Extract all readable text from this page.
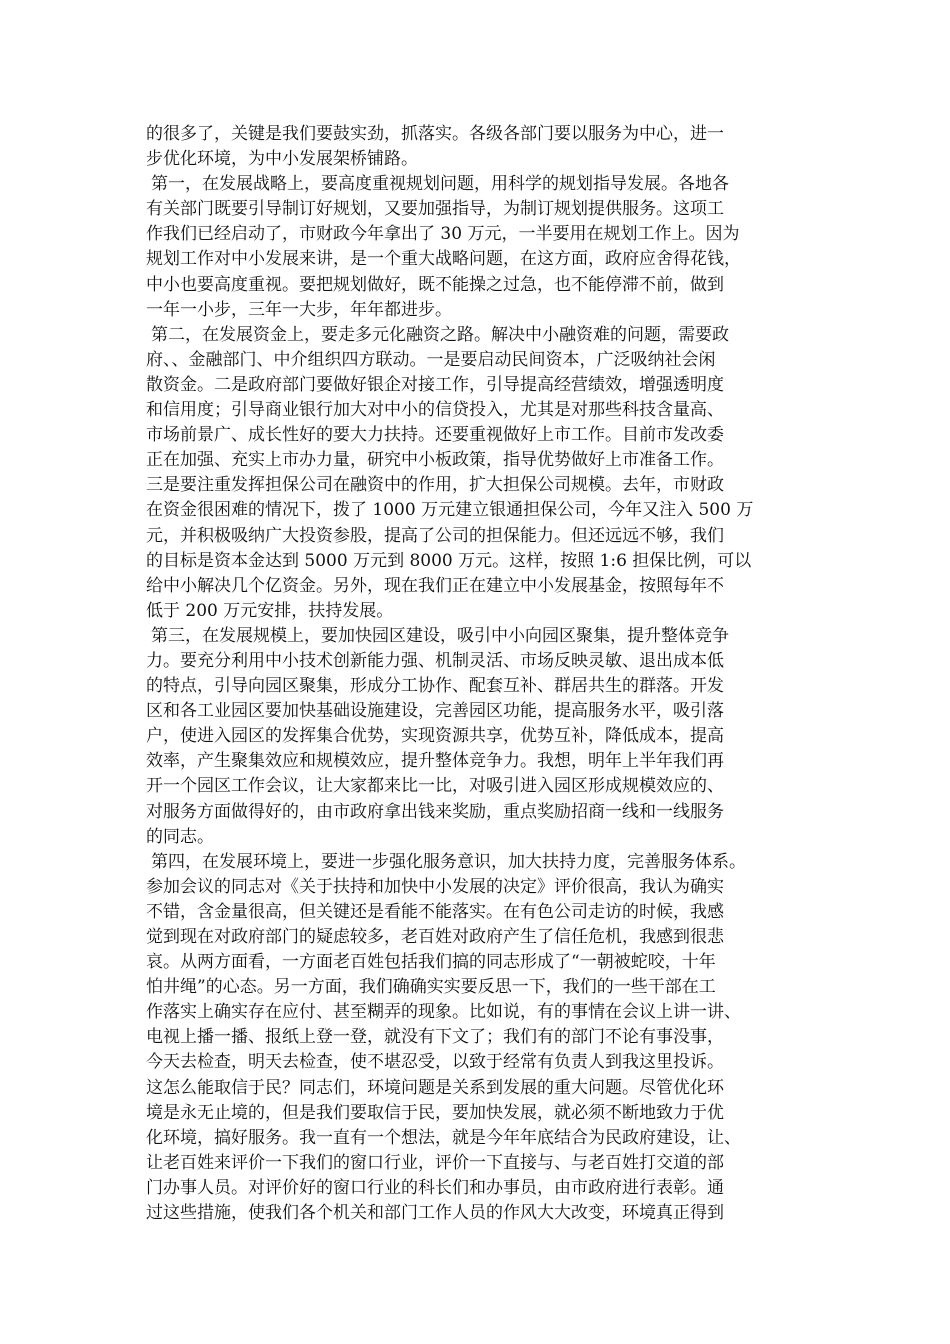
的很多了，关键是我们要鼓实劲，抓落实。各级各部门要以服务为中心，进一
步优化环境，为中小发展架桥铺路。
第一，在发展战略上，要高度重视规划问题，用科学的规划指导发展。各地各
有关部门既要引导制订好规划，又要加强指导，为制订规划提供服务。这项工
作我们已经启动了，市财政今年拿出了 30 万元，一半要用在规划工作上。因为
规划工作对中小发展来讲，是一个重大战略问题，在这方面，政府应舍得花钱，
中小也要高度重视。要把规划做好，既不能操之过急，也不能停滞不前，做到
一年一小步，三年一大步，年年都进步。
第二，在发展资金上，要走多元化融资之路。解决中小融资难的问题，需要政
府、、金融部门、中介组织四方联动。一是要启动民间资本，广泛吸纳社会闲
散资金。二是政府部门要做好银企对接工作，引导提高经营绩效，增强透明度
和信用度；引导商业银行加大对中小的信贷投入，尤其是对那些科技含量高、
市场前景广、成长性好的要大力扶持。还要重视做好上市工作。目前市发改委
正在加强、充实上市办力量，研究中小板政策，指导优势做好上市准备工作。
三是要注重发挥担保公司在融资中的作用，扩大担保公司规模。去年，市财政
在资金很困难的情况下，拨了 1000 万元建立银通担保公司，今年又注入 500 万
元，并积极吸纳广大投资参股，提高了公司的担保能力。但还远远不够，我们
的目标是资本金达到 5000 万元到 8000 万元。这样，按照 1:6 担保比例，可以
给中小解决几个亿资金。另外，现在我们正在建立中小发展基金，按照每年不
低于 200 万元安排，扶持发展。
第三，在发展规模上，要加快园区建设，吸引中小向园区聚集，提升整体竞争
力。要充分利用中小技术创新能力强、机制灵活、市场反映灵敏、退出成本低
的特点，引导向园区聚集，形成分工协作、配套互补、群居共生的群落。开发
区和各工业园区要加快基础设施建设，完善园区功能，提高服务水平，吸引落
户，使进入园区的发挥集合优势，实现资源共享，优势互补，降低成本，提高
效率，产生聚集效应和规模效应，提升整体竞争力。我想，明年上半年我们再
开一个园区工作会议，让大家都来比一比，对吸引进入园区形成规模效应的、
对服务方面做得好的，由市政府拿出钱来奖励，重点奖励招商一线和一线服务
的同志。
第四，在发展环境上，要进一步强化服务意识，加大扶持力度，完善服务体系。
参加会议的同志对《关于扶持和加快中小发展的决定》评价很高，我认为确实
不错，含金量很高，但关键还是看能不能落实。在有色公司走访的时候，我感
觉到现在对政府部门的疑虑较多，老百姓对政府产生了信任危机，我感到很悲
哀。从两方面看，一方面老百姓包括我们搞的同志形成了“一朝被蛇咬，十年
怕井绳”的心态。另一方面，我们确确实实要反思一下，我们的一些干部在工
作落实上确实存在应付、甚至糊弄的现象。比如说，有的事情在会议上讲一讲、
电视上播一播、报纸上登一登，就没有下文了；我们有的部门不论有事没事，
今天去检查，明天去检查，使不堪忍受，以致于经常有负责人到我这里投诉。
这怎么能取信于民？同志们，环境问题是关系到发展的重大问题。尽管优化环
境是永无止境的，但是我们要取信于民，要加快发展，就必须不断地致力于优
化环境，搞好服务。我一直有一个想法，就是今年年底结合为民政府建设，让、
让老百姓来评价一下我们的窗口行业，评价一下直接与、与老百姓打交道的部
门办事人员。对评价好的窗口行业的科长们和办事员，由市政府进行表彰。通
过这些措施，使我们各个机关和部门工作人员的作风大大改变，环境真正得到
